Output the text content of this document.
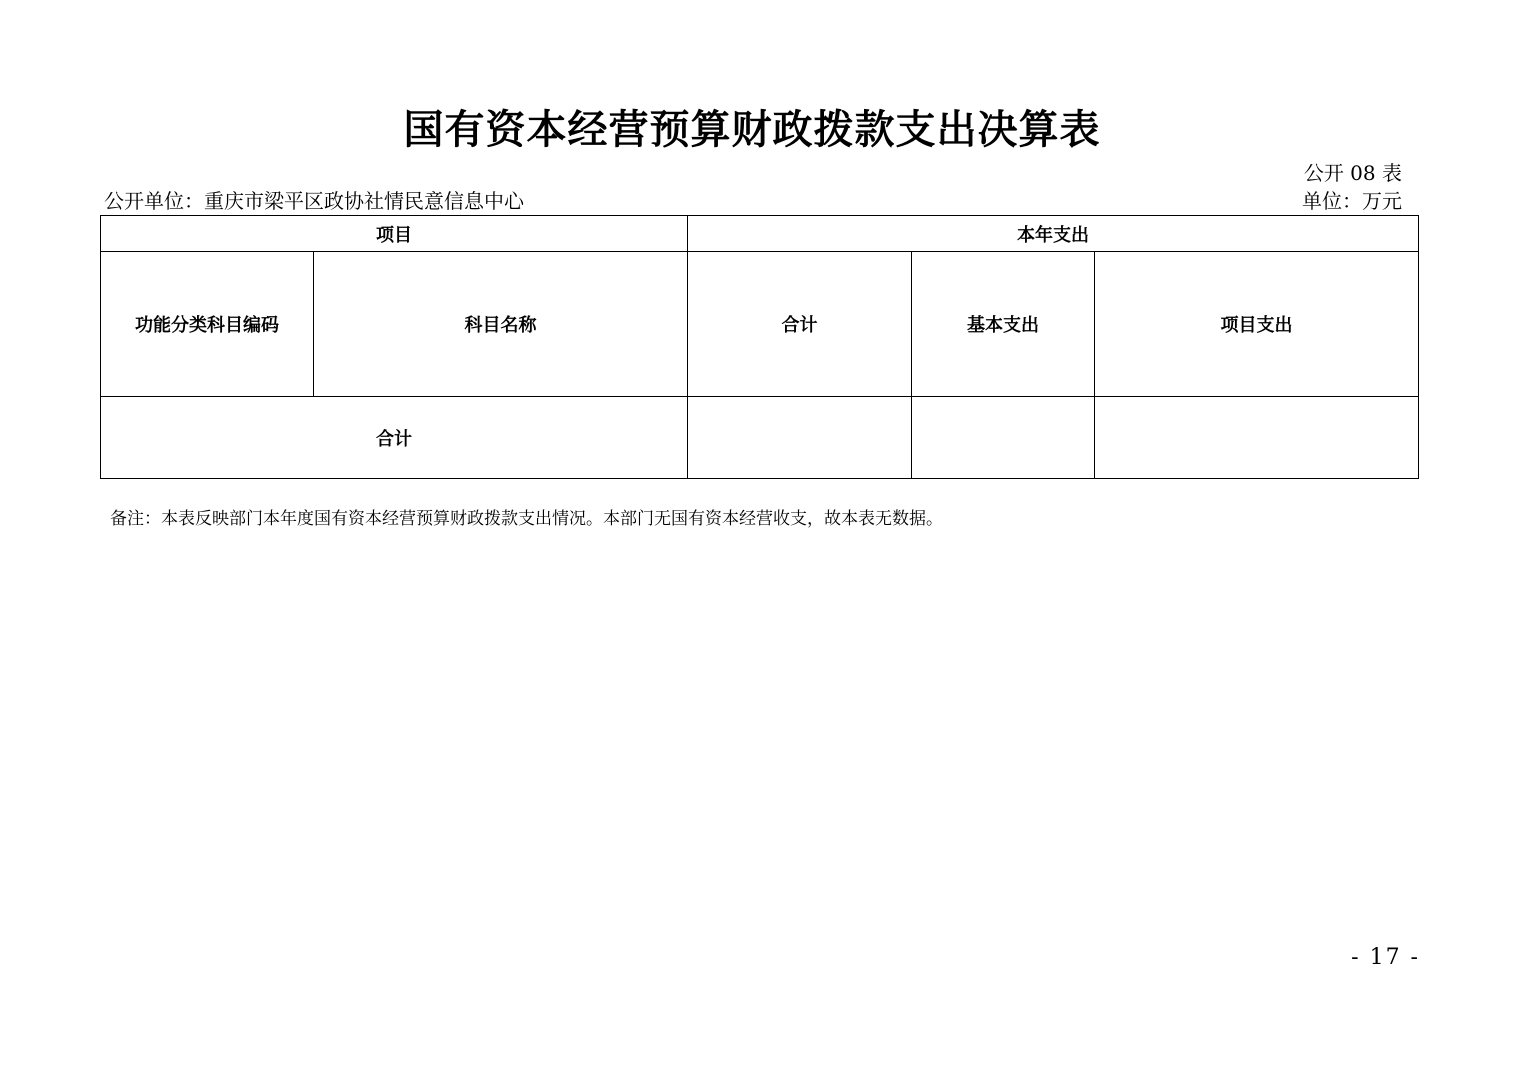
国有资本经营预算财政拨款支出决算表
公开 08 表
公开单位：重庆市梁平区政协社情民意信息中心	单位：万元
项目		本年支出		
功能分类科目编码	科目名称	合计	基本支出	项目支出
合计				
备注：本表反映部门本年度国有资本经营预算财政拨款支出情况。本部门无国有资本经营收支，故本表无数据。
- 17 -
